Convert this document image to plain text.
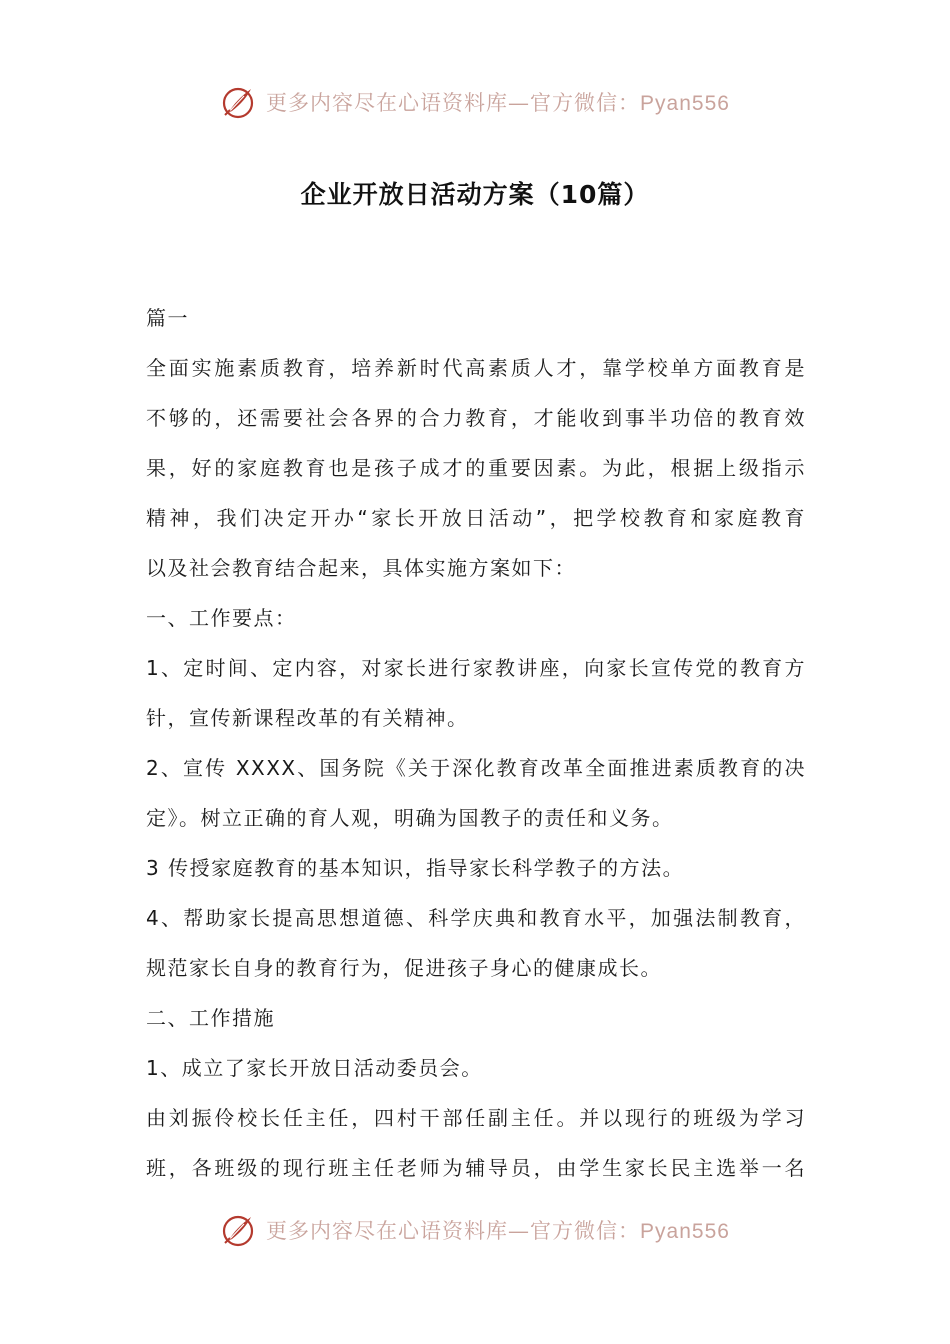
更多内容尽在心语资料库—官方微信：Pyan556
企业开放日活动方案（10篇）
篇一
全面实施素质教育，培养新时代高素质人才，靠学校单方面教育是
不够的，还需要社会各界的合力教育，才能收到事半功倍的教育效
果，好的家庭教育也是孩子成才的重要因素。为此，根据上级指示
精神，我们决定开办“家长开放日活动”，把学校教育和家庭教育
以及社会教育结合起来，具体实施方案如下：
一、工作要点：
1、定时间、定内容，对家长进行家教讲座，向家长宣传党的教育方
针，宣传新课程改革的有关精神。
2、宣传 XXXX、国务院《关于深化教育改革全面推进素质教育的决
定》。树立正确的育人观，明确为国教子的责任和义务。
3 传授家庭教育的基本知识，指导家长科学教子的方法。
4、帮助家长提高思想道德、科学庆典和教育水平，加强法制教育，
规范家长自身的教育行为，促进孩子身心的健康成长。
二、工作措施
1、成立了家长开放日活动委员会。
由刘振伶校长任主任，四村干部任副主任。并以现行的班级为学习
班，各班级的现行班主任老师为辅导员，由学生家长民主选举一名
更多内容尽在心语资料库—官方微信：Pyan556
